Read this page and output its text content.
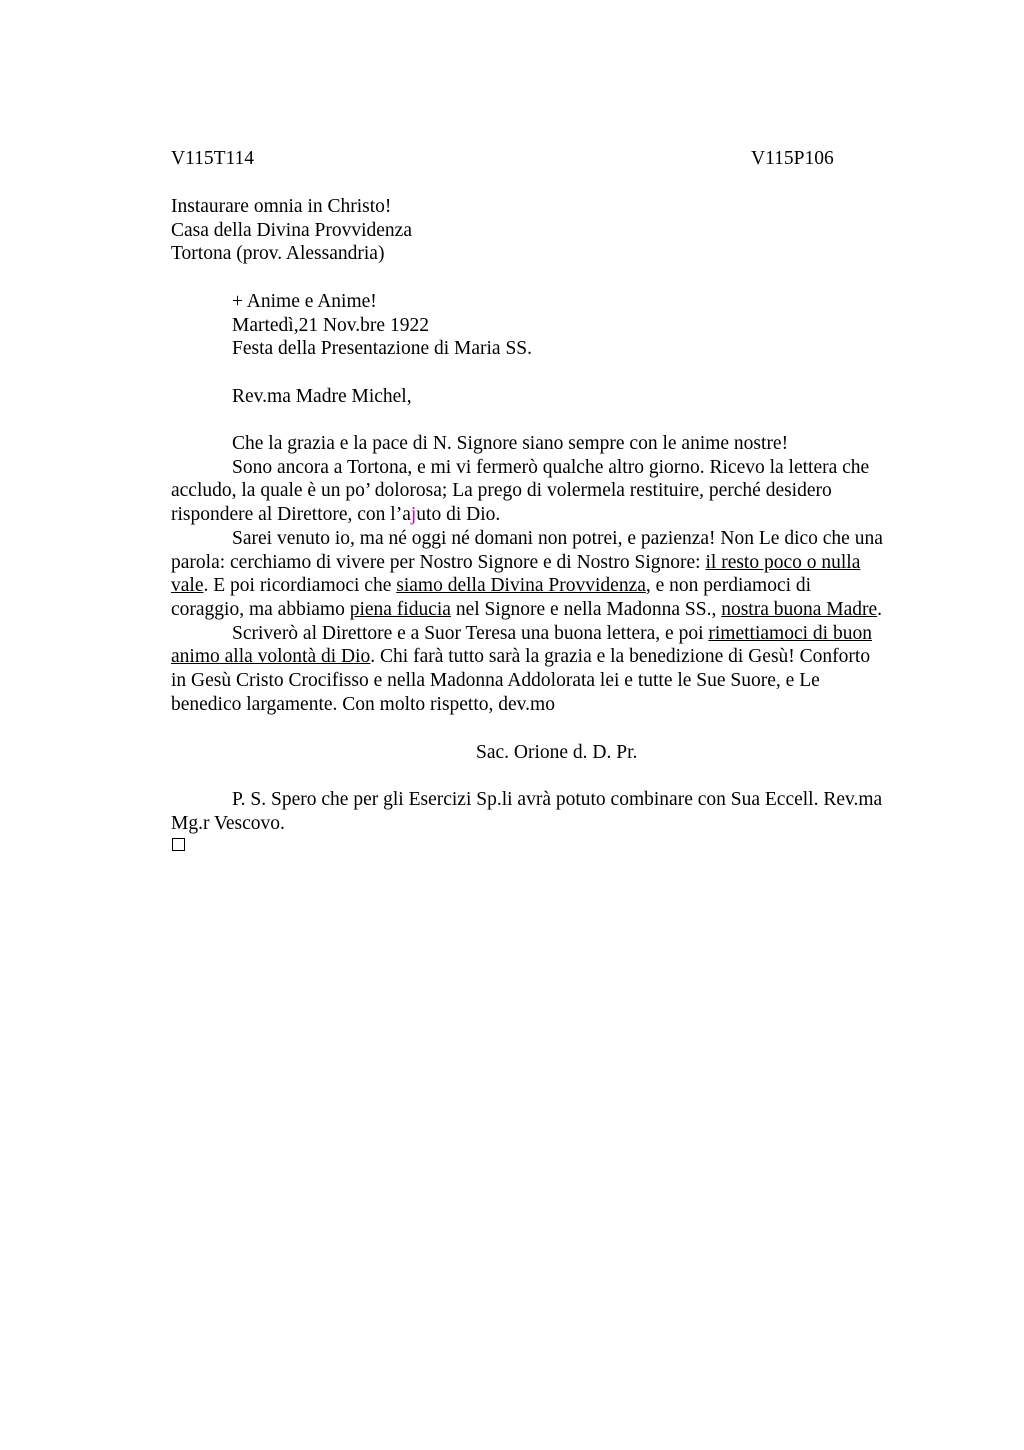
V115T114	V115P106
Instaurare omnia in Christo!
Casa della Divina Provvidenza
Tortona (prov. Alessandria)
+ Anime e Anime!
Martedì,21 Nov.bre 1922
Festa della Presentazione di Maria SS.
Rev.ma Madre Michel,
Che la grazia e la pace di N. Signore siano sempre con le anime nostre!
Sono ancora a Tortona, e mi vi fermerò qualche altro giorno. Ricevo la lettera che
accludo, la quale è un po’ dolorosa; La prego di volermela restituire, perché desidero
rispondere al Direttore, con l’ajuto di Dio.
Sarei venuto io, ma né oggi né domani non potrei, e pazienza! Non Le dico che una
parola: cerchiamo di vivere per Nostro Signore e di Nostro Signore: il resto poco o nulla
vale. E poi ricordiamoci che siamo della Divina Provvidenza, e non perdiamoci di
coraggio, ma abbiamo piena fiducia nel Signore e nella Madonna SS., nostra buona Madre.
Scriverò al Direttore e a Suor Teresa una buona lettera, e poi rimettiamoci di buon
animo alla volontà di Dio. Chi farà tutto sarà la grazia e la benedizione di Gesù! Conforto
in Gesù Cristo Crocifisso e nella Madonna Addolorata lei e tutte le Sue Suore, e Le
benedico largamente. Con molto rispetto, dev.mo
Sac. Orione d. D. Pr.
P. S. Spero che per gli Esercizi Sp.li avrà potuto combinare con Sua Eccell. Rev.ma
Mg.r Vescovo.
